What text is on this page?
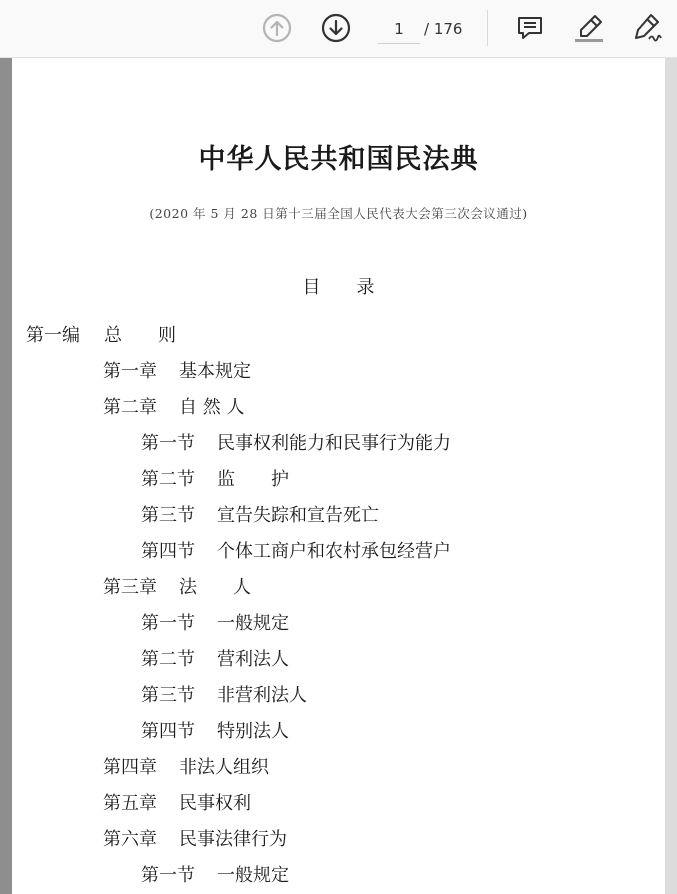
1	/ 176
中华人民共和国民法典
(2020 年 5 月 28 日第十三届全国人民代表大会第三次会议通过)
目　　录
第一编 总　　则
第一章 基本规定
第二章 自 然 人
第一节 民事权利能力和民事行为能力
第二节 监　　护
第三节 宣告失踪和宣告死亡
第四节 个体工商户和农村承包经营户
第三章 法　　人
第一节 一般规定
第二节 营利法人
第三节 非营利法人
第四节 特别法人
第四章 非法人组织
第五章 民事权利
第六章 民事法律行为
第一节 一般规定
